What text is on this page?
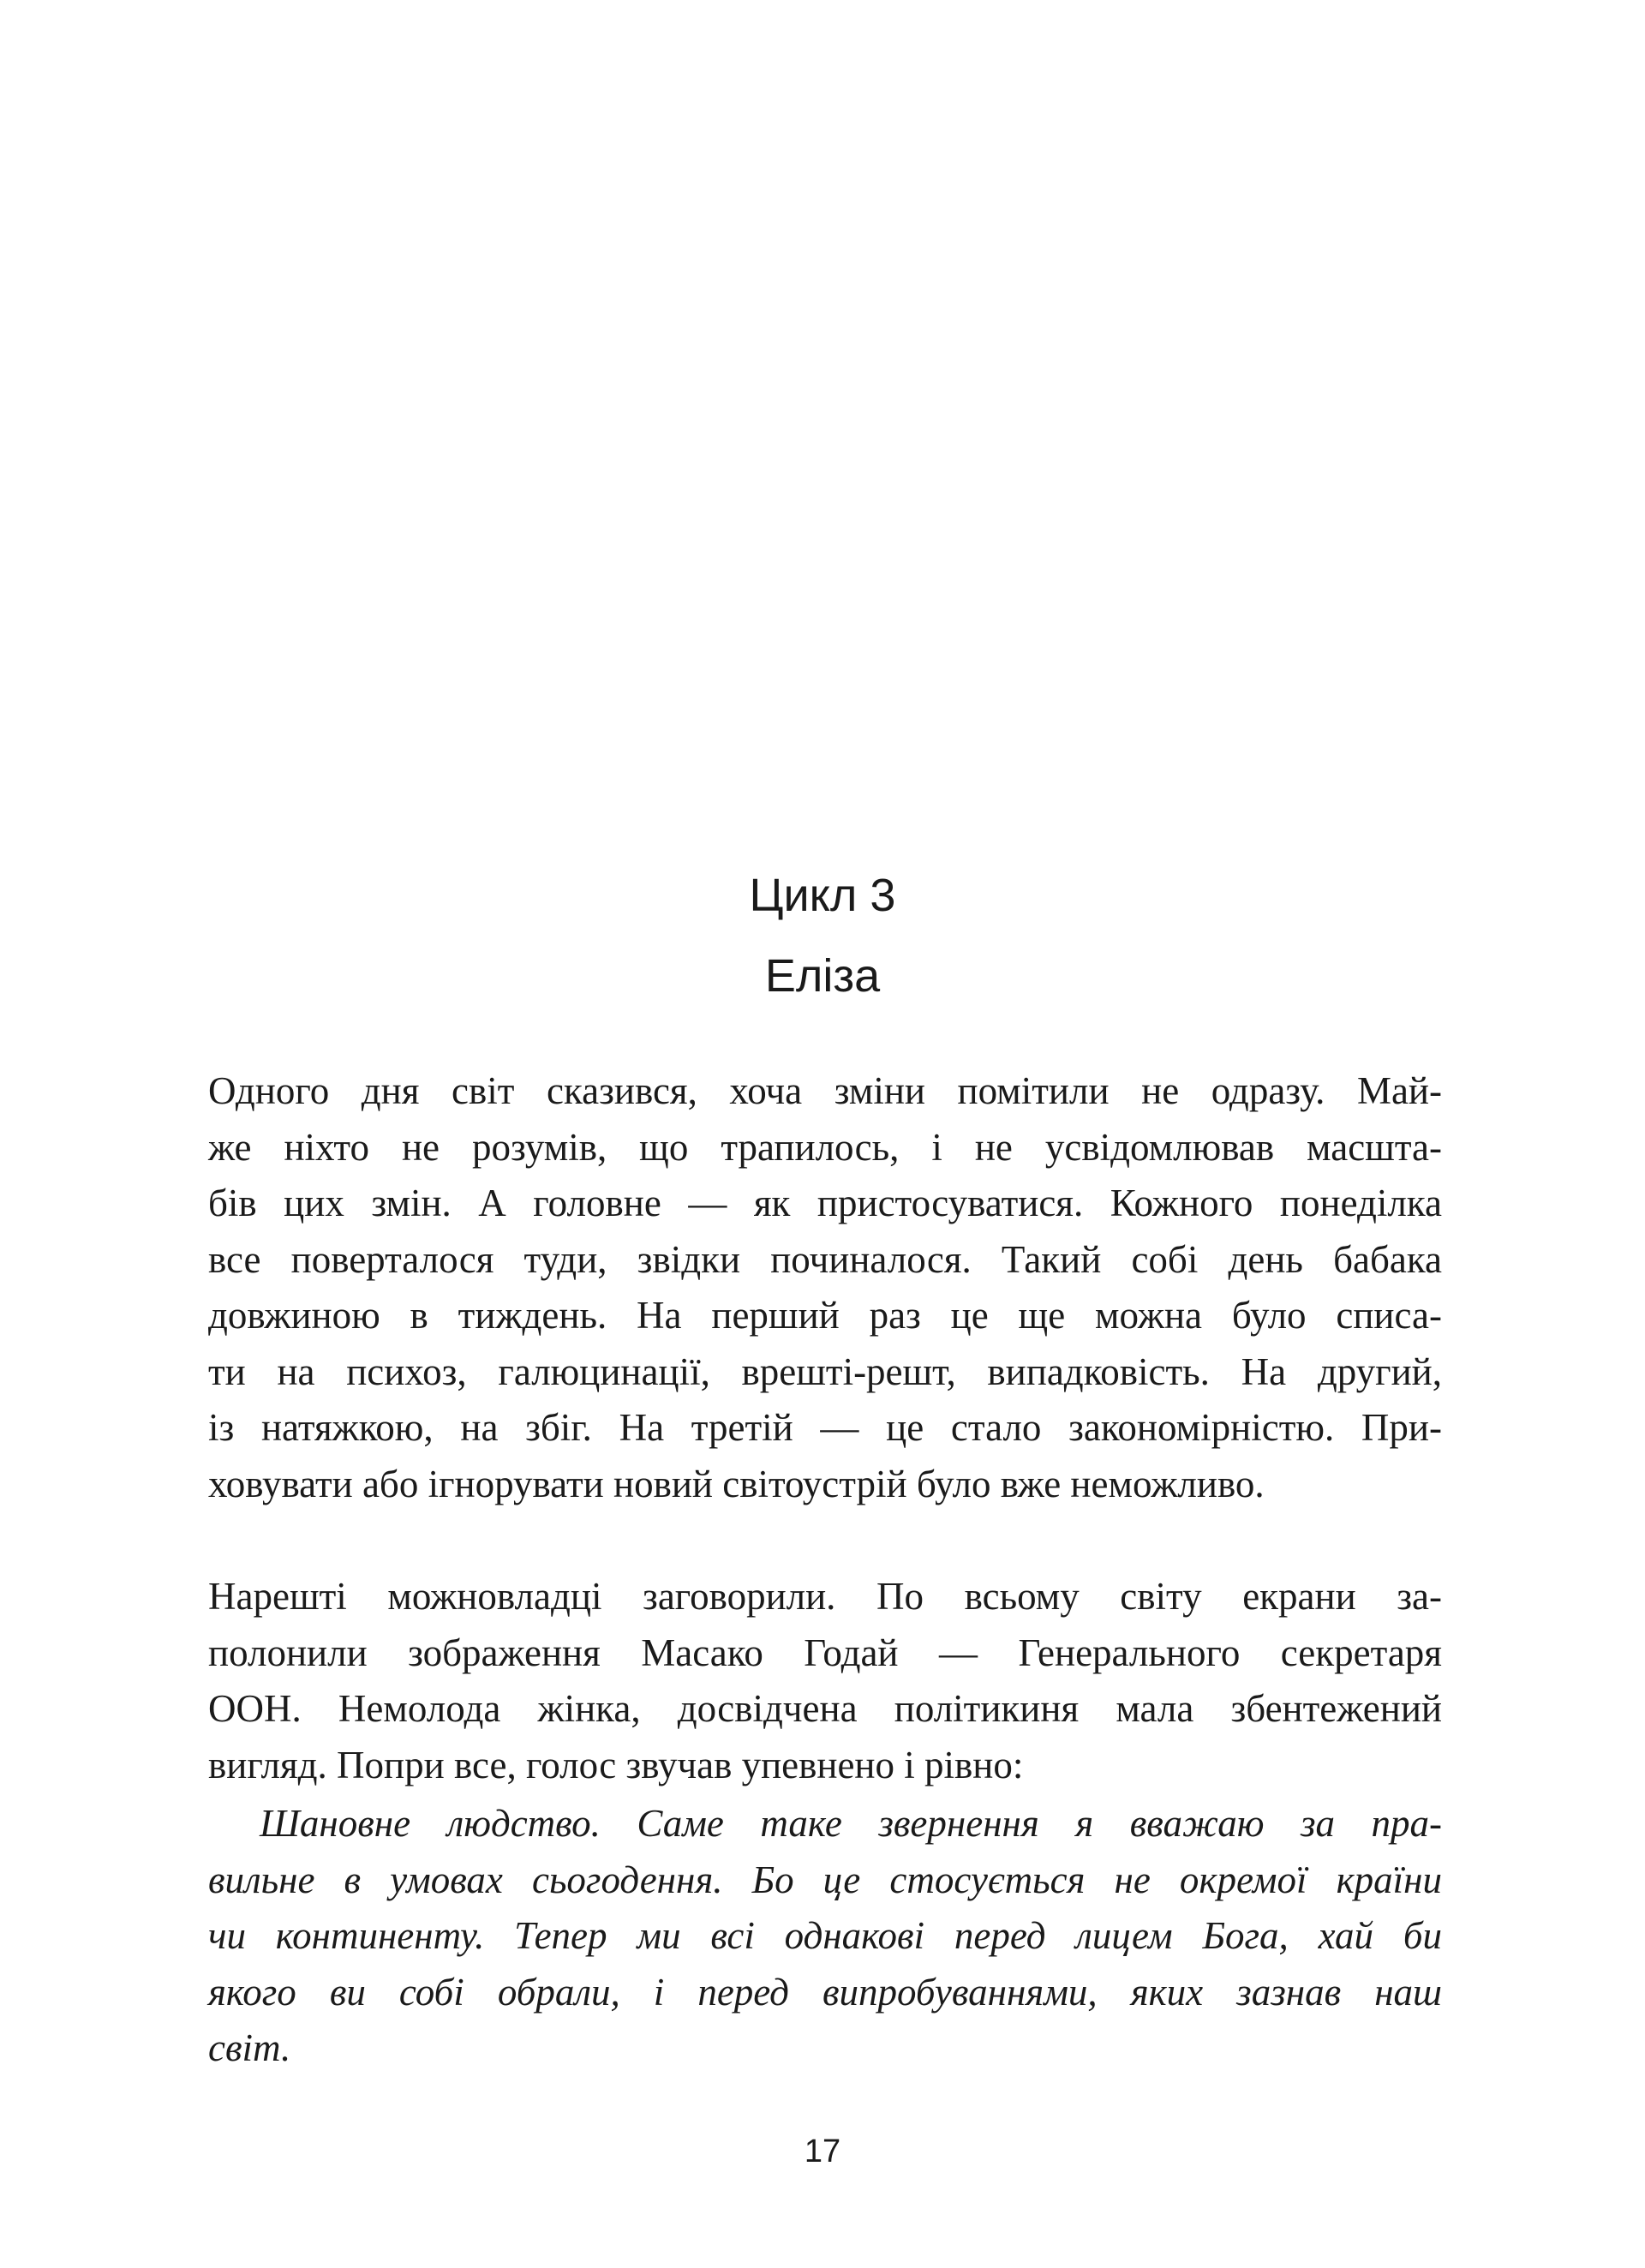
Цикл 3
Еліза
Одного дня світ сказився, хоча зміни помітили не одразу. Май-
же ніхто не розумів, що трапилось, і не усвідомлював масшта-
бів цих змін. А головне — як пристосуватися. Кожного понеділка
все поверталося туди, звідки починалося. Такий собі день бабака
довжиною в тиждень. На перший раз це ще можна було списа-
ти на психоз, галюцинації, врешті-решт, випадковість. На другий,
із натяжкою, на збіг. На третій — це стало закономірністю. При-
ховувати або ігнорувати новий світоустрій було вже неможливо.
Нарешті можновладці заговорили. По всьому світу екрани за-
полонили зображення Масако Годай — Генерального секретаря
ООН. Немолода жінка, досвідчена політикиня мала збентежений
вигляд. Попри все, голос звучав упевнено і рівно:
Шановне людство. Саме таке звернення я вважаю за пра-
вильне в умовах сьогодення. Бо це стосується не окремої країни
чи континенту. Тепер ми всі однакові перед лицем Бога, хай би
якого ви собі обрали, і перед випробуваннями, яких зазнав наш
світ.
17
